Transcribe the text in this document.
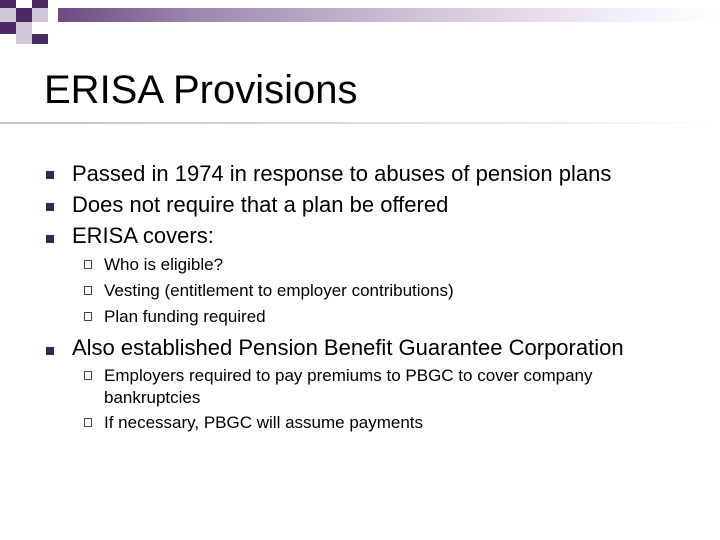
ERISA Provisions
Passed in 1974 in response to abuses of pension plans
Does not require that a plan be offered
ERISA covers:
Who is eligible?
Vesting (entitlement to employer contributions)
Plan funding required
Also established Pension Benefit Guarantee Corporation
Employers required to pay premiums to PBGC to cover company
bankruptcies
If necessary, PBGC will assume payments
